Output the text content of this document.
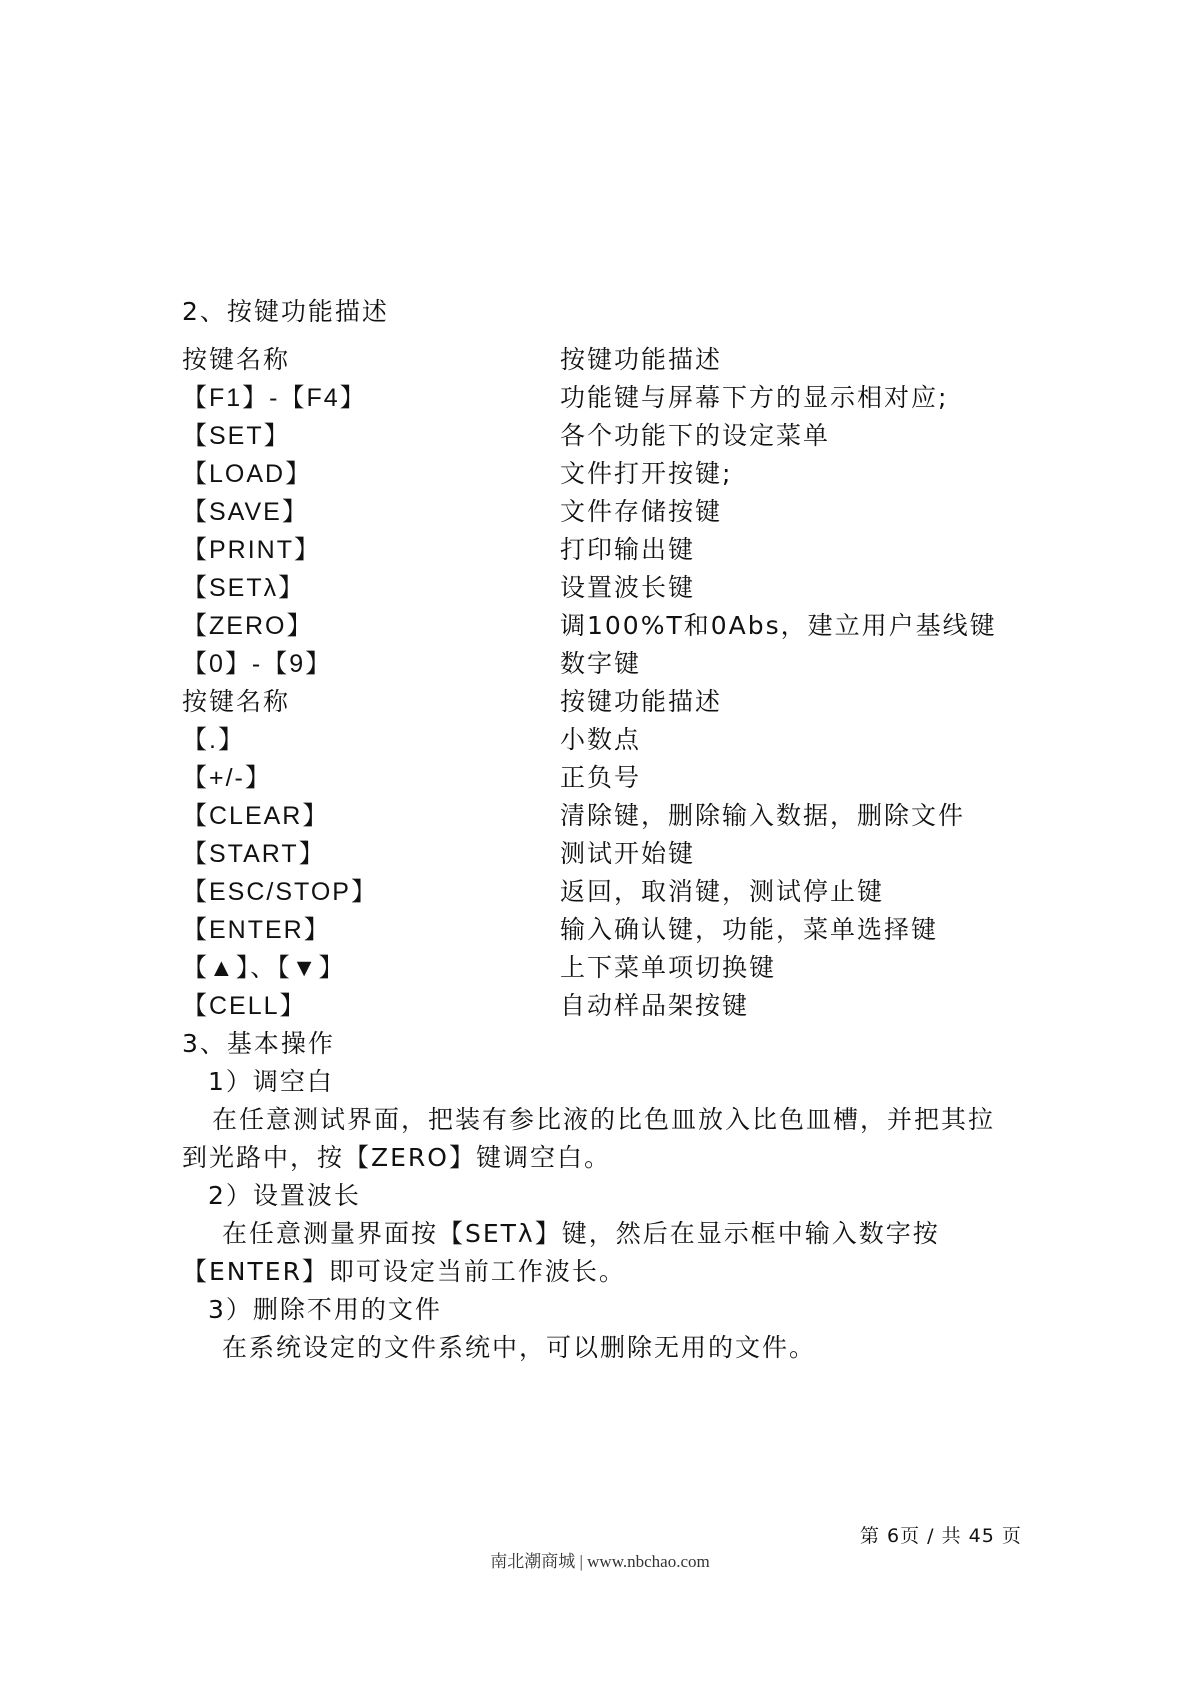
2、按键功能描述
按键名称	按键功能描述
【F1】-【F4】	功能键与屏幕下方的显示相对应;
【SET】	各个功能下的设定菜单
【LOAD】	文件打开按键;
【SAVE】	文件存储按键
【PRINT】	打印输出键
【SETλ】	设置波长键
【ZERO】	调100%T和0Abs，建立用户基线键
【0】-【9】	数字键
按键名称	按键功能描述
【.】	小数点
【+/-】	正负号
【CLEAR】	清除键，删除输入数据，删除文件
【START】	测试开始键
【ESC/STOP】	返回，取消键，测试停止键
【ENTER】	输入确认键，功能，菜单选择键
【▲】、【▼】	上下菜单项切换键
【CELL】	自动样品架按键
3、基本操作
1）调空白
在任意测试界面，把装有参比液的比色皿放入比色皿槽，并把其拉
到光路中，按【ZERO】键调空白。
2）设置波长
在任意测量界面按【SETλ】键，然后在显示框中输入数字按
【ENTER】即可设定当前工作波长。
3）删除不用的文件
在系统设定的文件系统中，可以删除无用的文件。
第 6页 / 共 45 页
南北潮商城 | www.nbchao.com
